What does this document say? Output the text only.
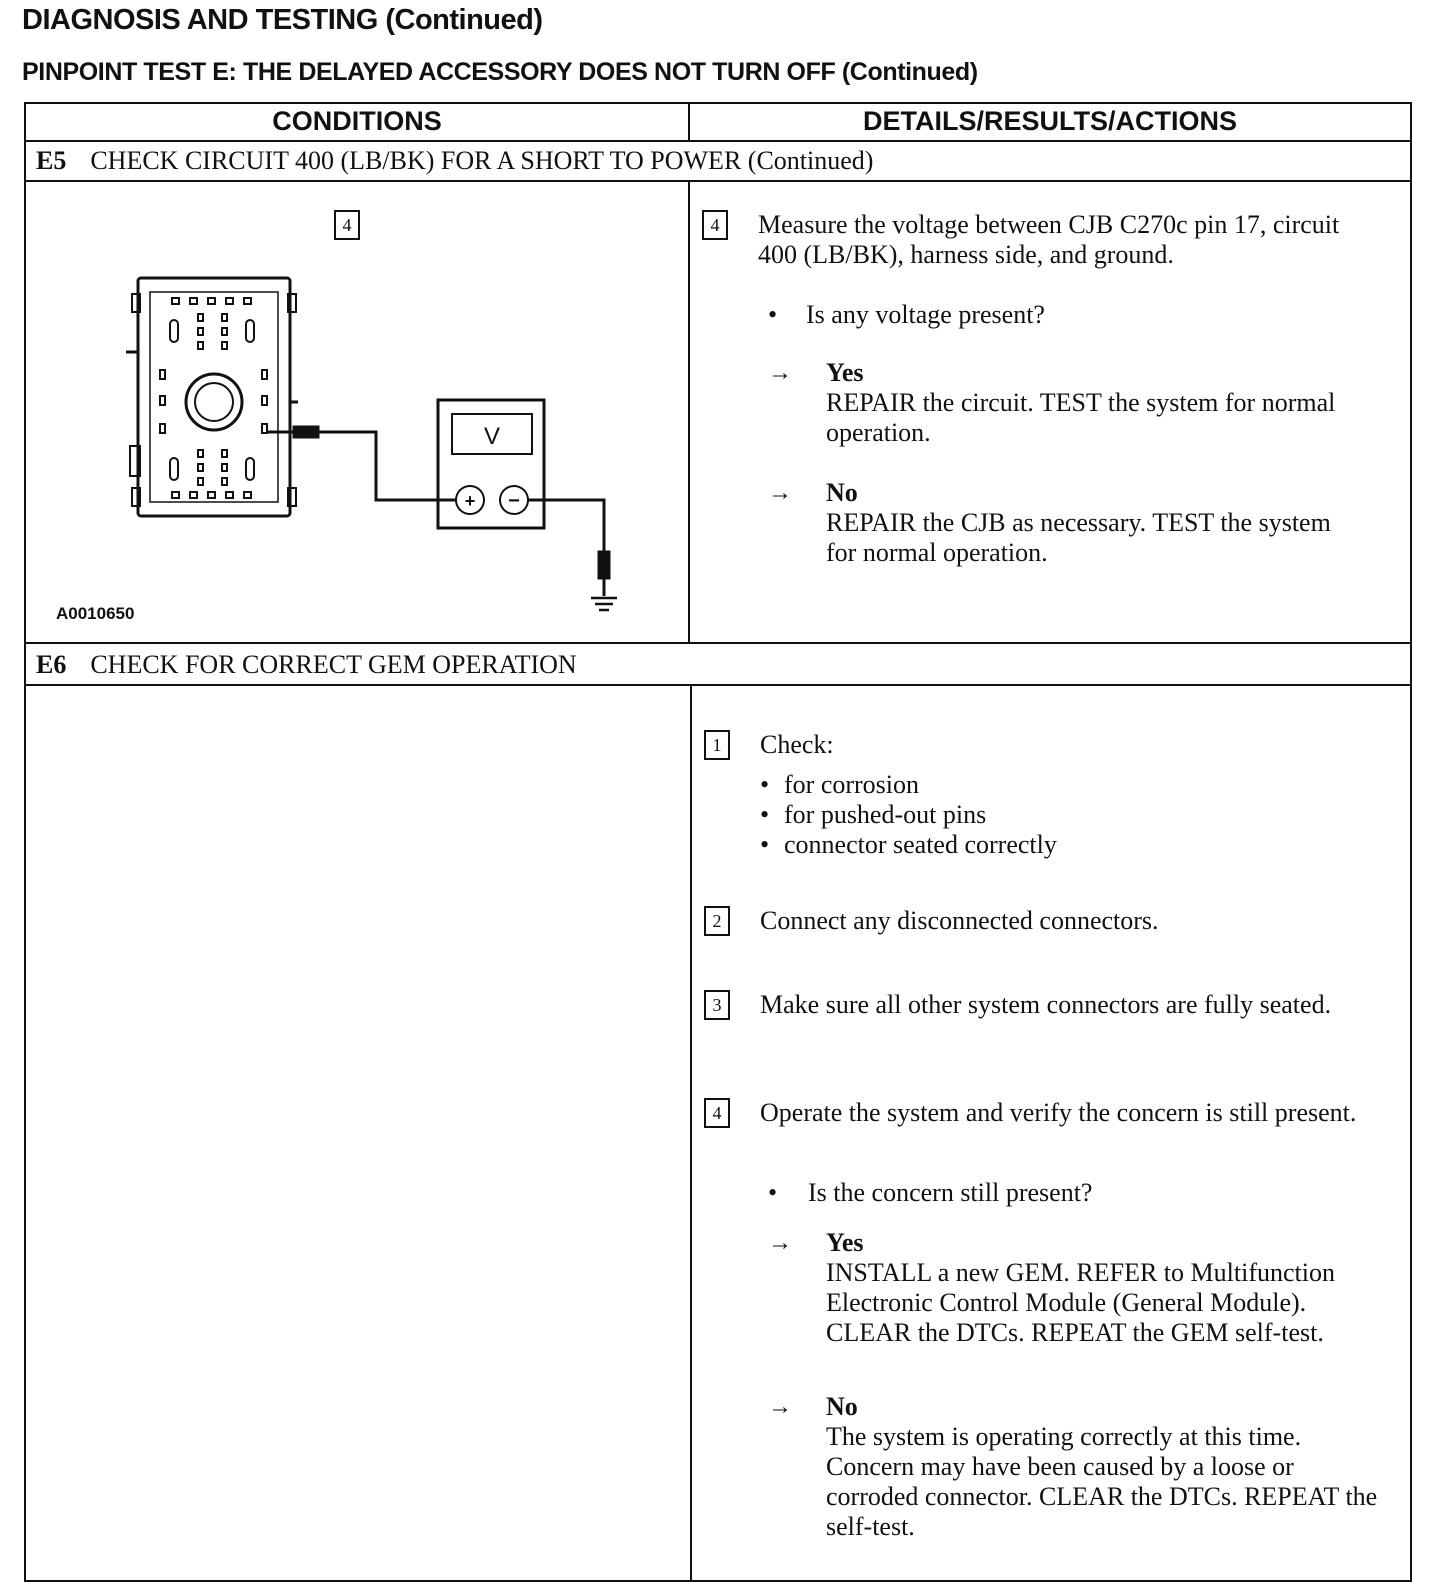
DIAGNOSIS AND TESTING (Continued)
PINPOINT TEST E: THE DELAYED ACCESSORY DOES NOT TURN OFF (Continued)
CONDITIONS	DETAILS/RESULTS/ACTIONS
E5 CHECK CIRCUIT 400 (LB/BK) FOR A SHORT TO POWER (Continued)
V
+ −
4
A0010650
4	Measure the voltage between CJB C270c pin 17, circuit 400 (LB/BK), harness side, and ground.
• Is any voltage present?
→ Yes
REPAIR the circuit. TEST the system for normal operation.
→ No
REPAIR the CJB as necessary. TEST the system for normal operation.
E6 CHECK FOR CORRECT GEM OPERATION
1	Check:
• for corrosion
• for pushed-out pins
• connector seated correctly
2	Connect any disconnected connectors.
3	Make sure all other system connectors are fully seated.
4	Operate the system and verify the concern is still present.
• Is the concern still present?
→ Yes
INSTALL a new GEM. REFER to Multifunction Electronic Control Module (General Module). CLEAR the DTCs. REPEAT the GEM self-test.
→ No
The system is operating correctly at this time. Concern may have been caused by a loose or corroded connector. CLEAR the DTCs. REPEAT the self-test.
